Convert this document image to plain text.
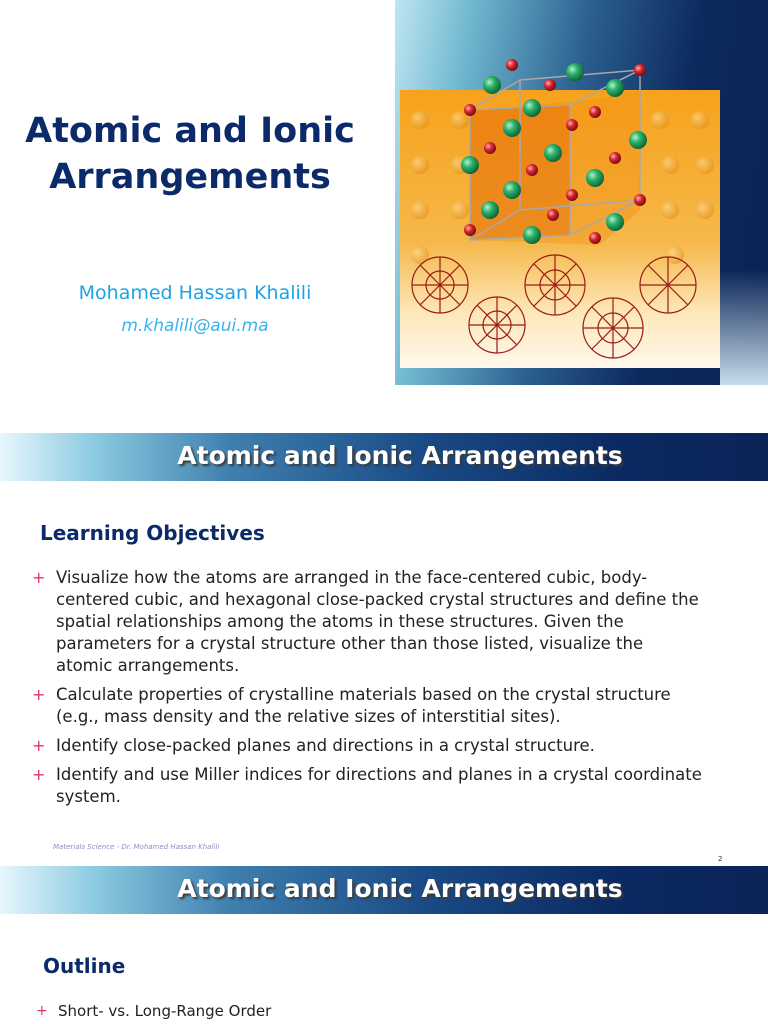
Atomic and Ionic
Arrangements
Mohamed Hassan Khalili
m.khalili@aui.ma
Atomic and Ionic Arrangements
Learning Objectives
+ Visualize how the atoms are arranged in the face-centered cubic, body-centered cubic, and hexagonal close-packed crystal structures and define the spatial relationships among the atoms in these structures. Given the parameters for a crystal structure other than those listed, visualize the atomic arrangements.
+ Calculate properties of crystalline materials based on the crystal structure (e.g., mass density and the relative sizes of interstitial sites).
+ Identify close-packed planes and directions in a crystal structure.
+ Identify and use Miller indices for directions and planes in a crystal coordinate system.
Materials Science - Dr. Mohamed Hassan Khalili
2
Atomic and Ionic Arrangements
Outline
+ Short- vs. Long-Range Order
